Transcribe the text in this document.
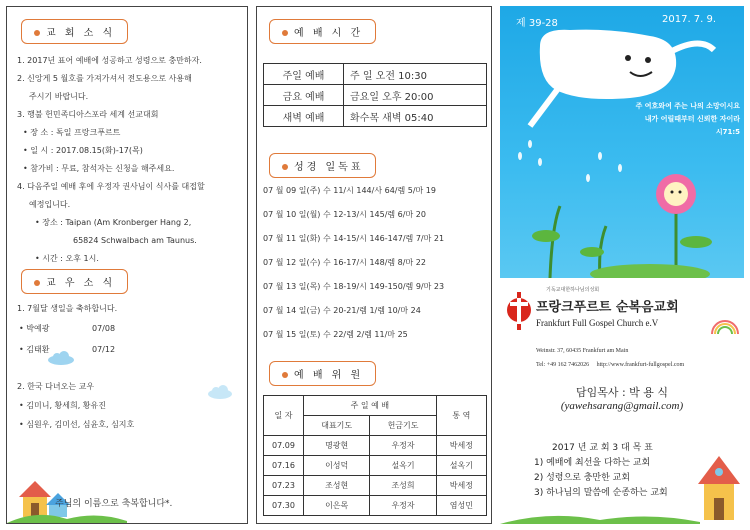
교 회 소 식
1. 2017년 표어 예배에 성공하고 성령으로 충만하자.
2. 신앙게 5 월호를 가져가셔서 전도용으로 사용해
주시기 바랍니다.
3. 행불 헌민족디아스포라 세계 선교대회
• 장 소 : 독일 프랑크푸르트
• 일 시 : 2017.08.15(화)-17(목)
• 참가비 : 무료, 참석자는 신청을 해주세요.
4. 다음주일 예배 후에 우정자 권사님이 식사를 대접할
예정입니다.
• 장소 : Taipan (Am Kronberger Hang 2,
65824 Schwalbach am Taunus.
• 시간 : 오후 1시.
교 우 소 식
1. 7월달 생일을 축하합니다.
• 박예광	07/08
• 김태환	07/12
2. 한국 다녀오는 교우
• 김미니, 황세희, 황유진
• 심원우, 김미선, 심윤호, 심지호
주님의 이름으로 축복합니다*.
예 배 시 간
주일 예배	주 일 오전 10:30
금요 예배	금요일 오후 20:00
새벽 예배	화수목 새벽 05:40
성경 일독표
07 월 09 일(주) 수 11/시 144/사 64/렘 5/마 19
07 월 10 일(월) 수 12-13/시 145/렘 6/마 20
07 월 11 일(화) 수 14-15/시 146-147/렘 7/마 21
07 월 12 일(수) 수 16-17/시 148/렘 8/마 22
07 월 13 일(목) 수 18-19/시 149-150/렘 9/마 23
07 월 14 일(금) 수 20-21/렘 1/렘 10/마 24
07 월 15 일(토) 수 22/렘 2/렘 11/마 25
예 배 위 원
일 자	주 일 예 배		통 역
	대표기도	헌금기도	
07.09	명광현	우정자	박세정
07.16	이성덕	설옥기	설옥기
07.23	조성현	조성희	박세정
07.30	이은목	우정자	염성민
제 39-28	2017. 7. 9.
주 여호와여 주는 나의 소망이시요
내가 어릴때부터 신뢰한 자이라
시71:5
기독교대한하나님의성회
프랑크푸르트 순복음교회
Frankfurt Full Gospel Church e.V
Weinstr. 37, 60435 Frankfurt am Main
Tel: +49 162 7462026     http://www.frankfurt-fullgospel.com
담임목사 : 박 용 식
(yawehsarang@gmail.com)
2017 년 교 회 3 대 목 표
1) 예배에 최선을 다하는 교회
2) 성령으로 충만한 교회
3) 하나님의 말씀에 순종하는 교회
